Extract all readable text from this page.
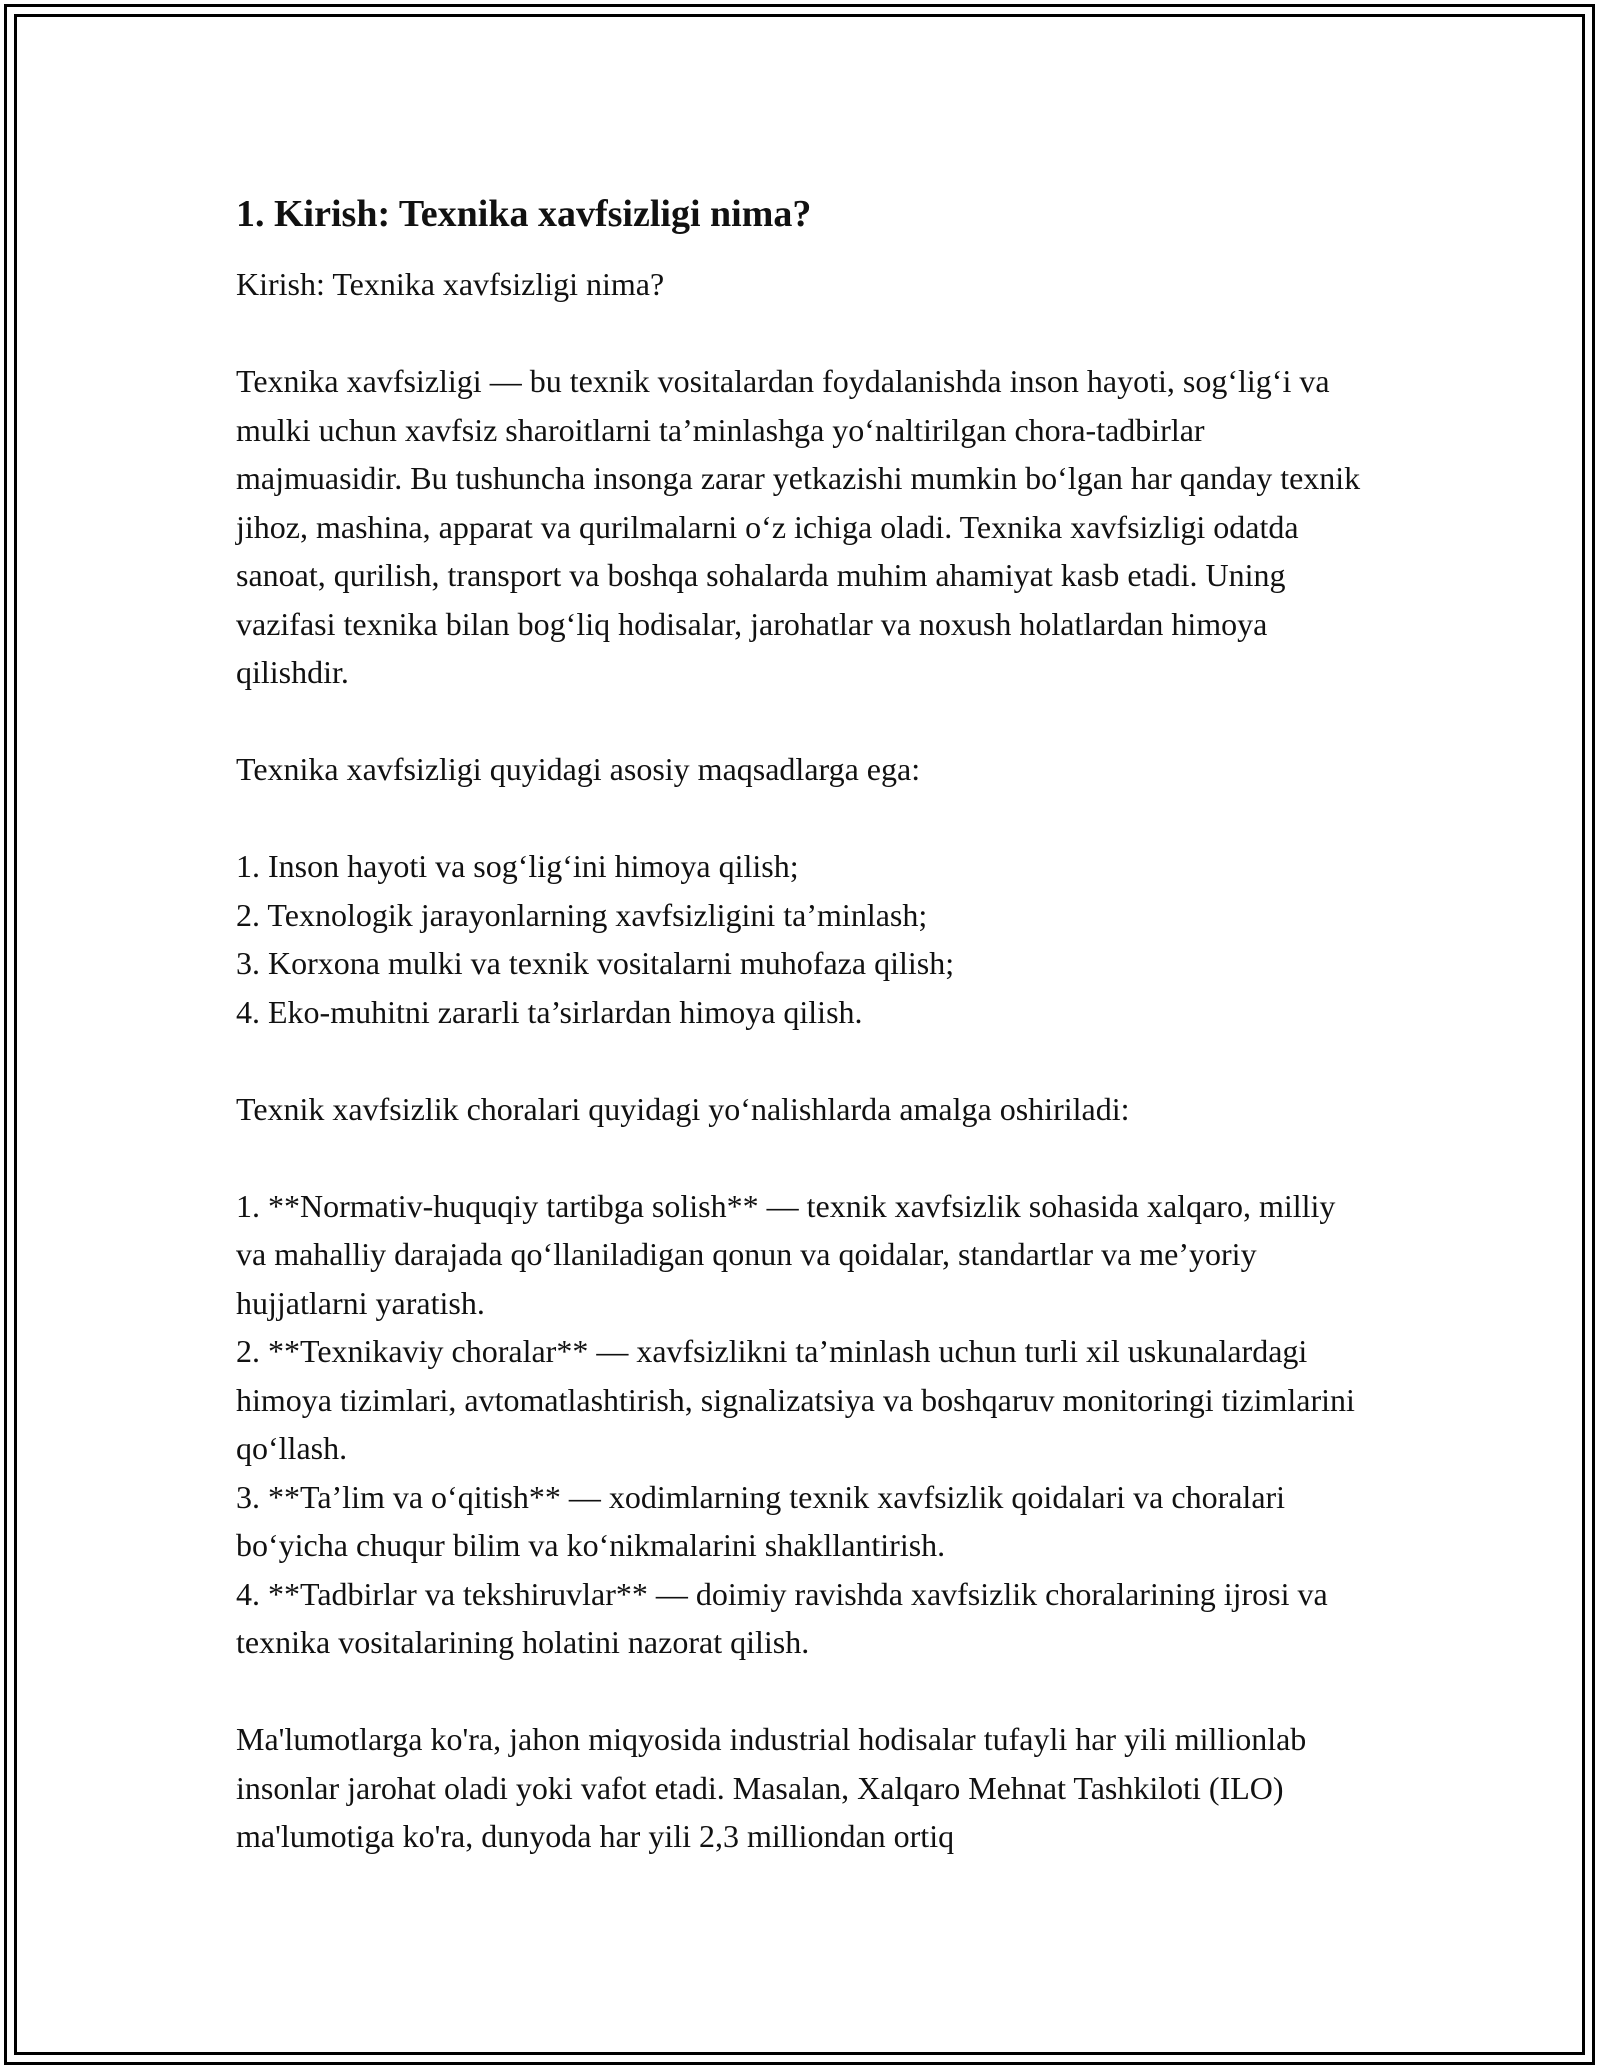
1. Kirish: Texnika xavfsizligi nima?

Kirish: Texnika xavfsizligi nima?

Texnika xavfsizligi — bu texnik vositalardan foydalanishda inson hayoti, sog‘lig‘i va mulki uchun xavfsiz sharoitlarni ta’minlashga yo‘naltirilgan chora-tadbirlar majmuasidir. Bu tushuncha insonga zarar yetkazishi mumkin bo‘lgan har qanday texnik jihoz, mashina, apparat va qurilmalarni o‘z ichiga oladi. Texnika xavfsizligi odatda sanoat, qurilish, transport va boshqa sohalarda muhim ahamiyat kasb etadi. Uning vazifasi texnika bilan bog‘liq hodisalar, jarohatlar va noxush holatlardan himoya qilishdir.

Texnika xavfsizligi quyidagi asosiy maqsadlarga ega:

1. Inson hayoti va sog‘lig‘ini himoya qilish;
2. Texnologik jarayonlarning xavfsizligini ta’minlash;
3. Korxona mulki va texnik vositalarni muhofaza qilish;
4. Eko-muhitni zararli ta’sirlardan himoya qilish.

Texnik xavfsizlik choralari quyidagi yo‘nalishlarda amalga oshiriladi:

1. **Normativ-huquqiy tartibga solish** — texnik xavfsizlik sohasida xalqaro, milliy va mahalliy darajada qo‘llaniladigan qonun va qoidalar, standartlar va me’yoriy hujjatlarni yaratish.
2. **Texnikaviy choralar** — xavfsizlikni ta’minlash uchun turli xil uskunalardagi himoya tizimlari, avtomatlashtirish, signalizatsiya va boshqaruv monitoringi tizimlarini qo‘llash.
3. **Ta’lim va o‘qitish** — xodimlarning texnik xavfsizlik qoidalari va choralari bo‘yicha chuqur bilim va ko‘nikmalarini shakllantirish.
4. **Tadbirlar va tekshiruvlar** — doimiy ravishda xavfsizlik choralarining ijrosi va texnika vositalarining holatini nazorat qilish.

Ma'lumotlarga ko'ra, jahon miqyosida industrial hodisalar tufayli har yili millionlab insonlar jarohat oladi yoki vafot etadi. Masalan, Xalqaro Mehnat Tashkiloti (ILO) ma'lumotiga ko'ra, dunyoda har yili 2,3 milliondan ortiq
